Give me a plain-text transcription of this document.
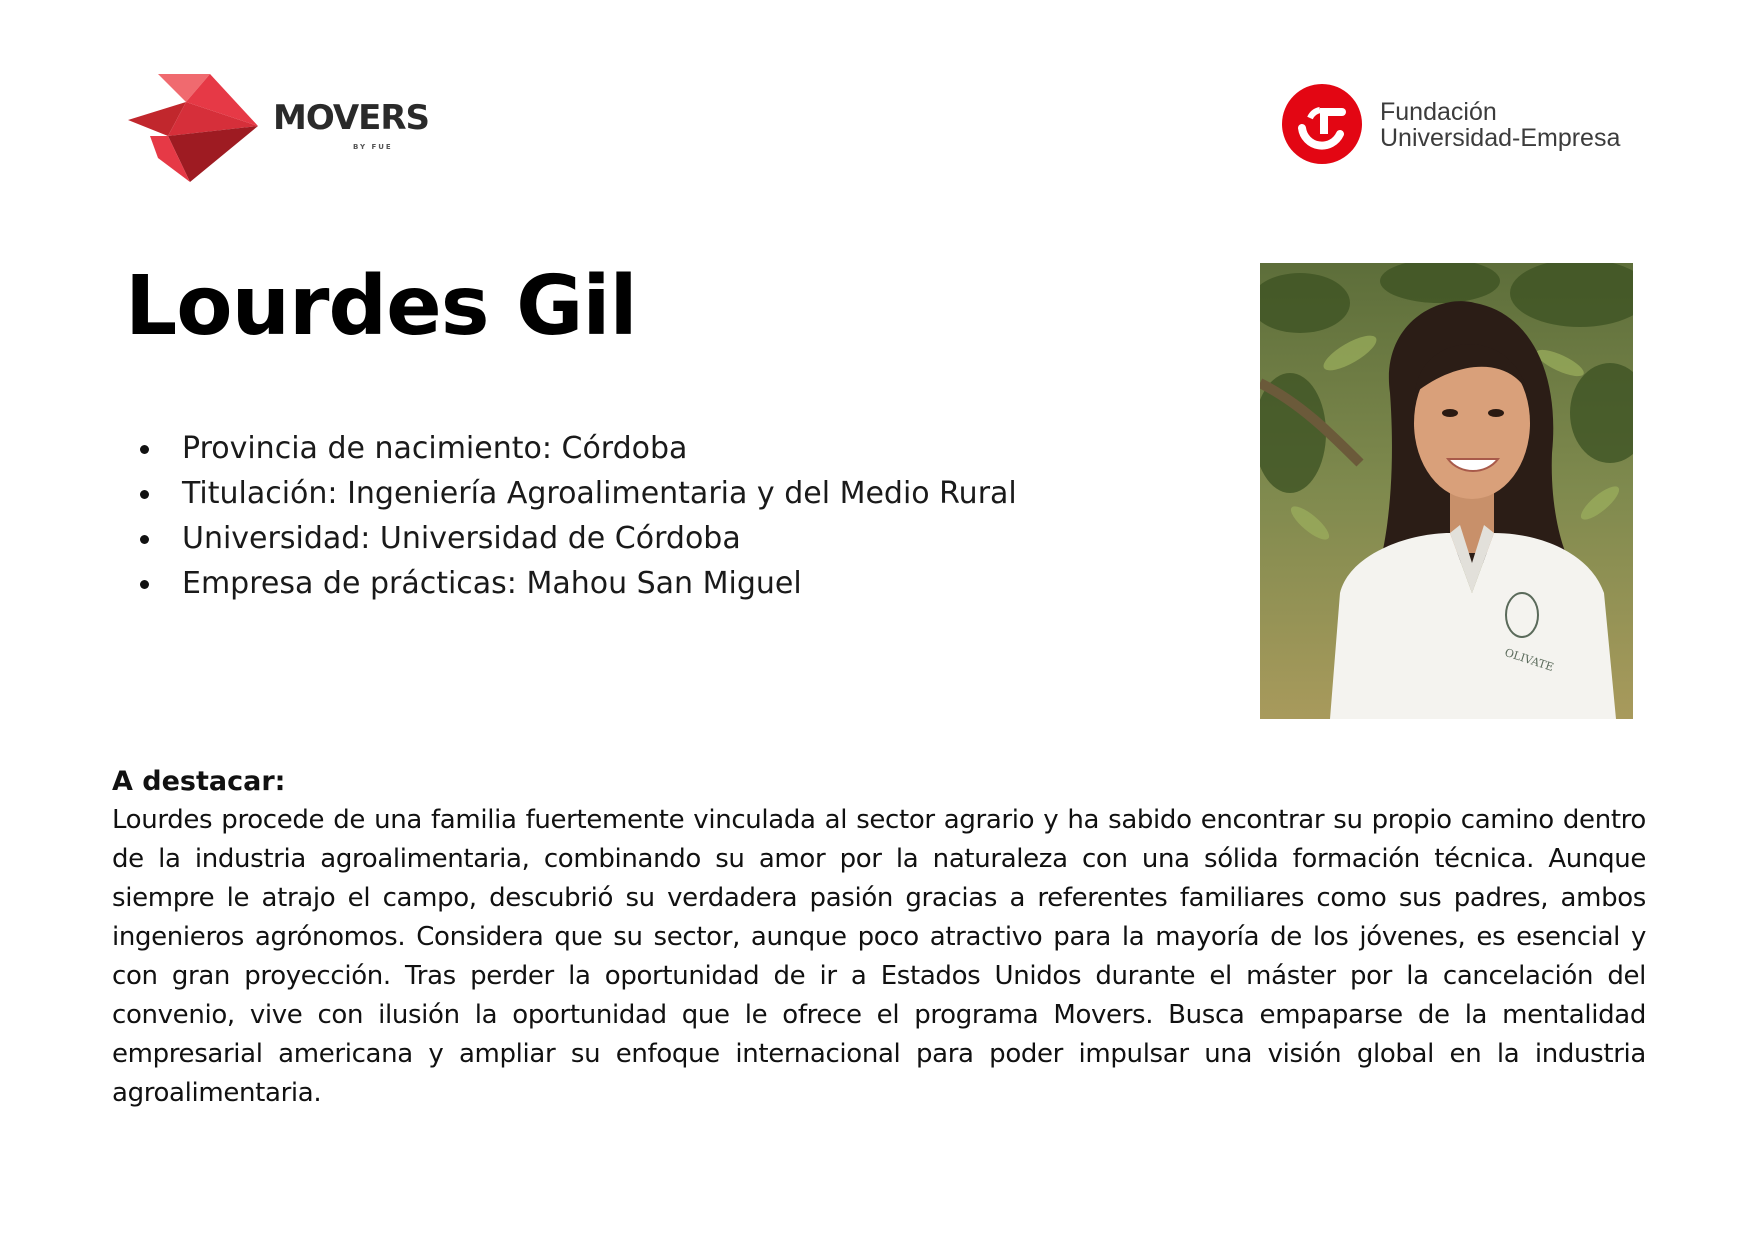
MOVERS
BY FUE
Fundación
Universidad-Empresa
Lourdes Gil
Provincia de nacimiento: Córdoba
Titulación: Ingeniería Agroalimentaria y del Medio Rural
Universidad: Universidad de Córdoba
Empresa de prácticas: Mahou San Miguel
OLIVATE

A destacar:

Lourdes procede de una familia fuertemente vinculada al sector agrario y ha sabido encontrar su propio camino dentro de la industria agroalimentaria, combinando su amor por la naturaleza con una sólida formación técnica. Aunque siempre le atrajo el campo, descubrió su verdadera pasión gracias a referentes familiares como sus padres, ambos ingenieros agrónomos. Considera que su sector, aunque poco atractivo para la mayoría de los jóvenes, es esencial y con gran proyección. Tras perder la oportunidad de ir a Estados Unidos durante el máster por la cancelación del convenio, vive con ilusión la oportunidad que le ofrece el programa Movers. Busca empaparse de la mentalidad empresarial americana y ampliar su enfoque internacional para poder impulsar una visión global en la industria agroalimentaria.
